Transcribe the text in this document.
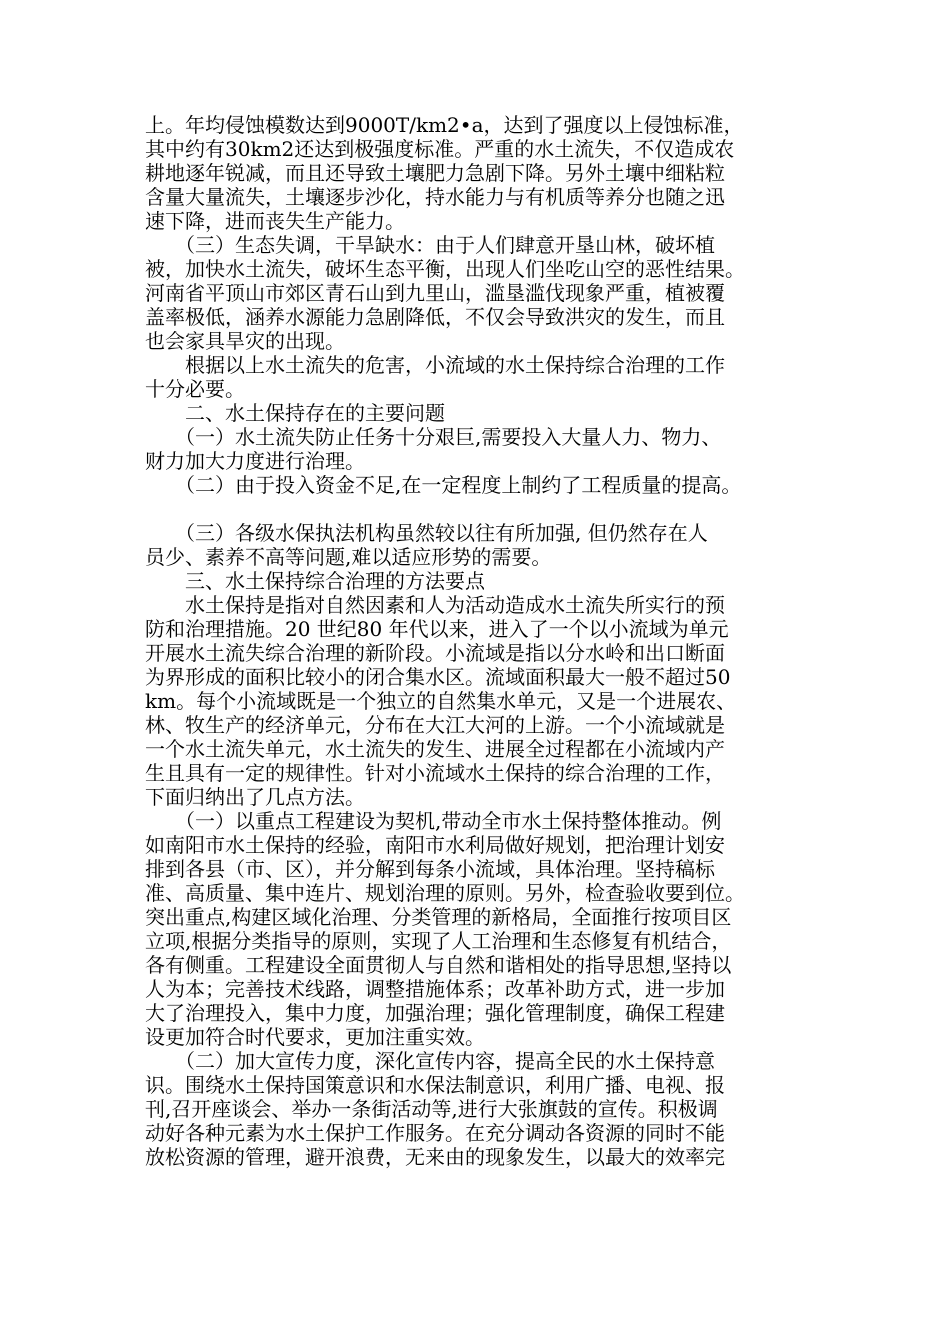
上。年均侵蚀模数达到9000T/km2•a，达到了强度以上侵蚀标准，
其中约有30km2还达到极强度标准。严重的水土流失，不仅造成农
耕地逐年锐减，而且还导致土壤肥力急剧下降。另外土壤中细粘粒
含量大量流失，土壤逐步沙化，持水能力与有机质等养分也随之迅
速下降，进而丧失生产能力。
　　（三）生态失调，干旱缺水：由于人们肆意开垦山林，破坏植
被，加快水土流失，破坏生态平衡，出现人们坐吃山空的恶性结果。
河南省平顶山市郊区青石山到九里山，滥垦滥伐现象严重，植被覆
盖率极低，涵养水源能力急剧降低，不仅会导致洪灾的发生，而且
也会家具旱灾的出现。
　　根据以上水土流失的危害，小流域的水土保持综合治理的工作
十分必要。
　　二、水土保持存在的主要问题
　　（一）水土流失防止任务十分艰巨,需要投入大量人力、物力、
财力加大力度进行治理。
　　（二）由于投入资金不足,在一定程度上制约了工程质量的提高。
　　（三）各级水保执法机构虽然较以往有所加强, 但仍然存在人
员少、素养不高等问题,难以适应形势的需要。
　　三、水土保持综合治理的方法要点
　　水土保持是指对自然因素和人为活动造成水土流失所实行的预
防和治理措施。20 世纪80 年代以来，进入了一个以小流域为单元
开展水土流失综合治理的新阶段。小流域是指以分水岭和出口断面
为界形成的面积比较小的闭合集水区。流域面积最大一般不超过50
km。每个小流域既是一个独立的自然集水单元，又是一个进展农、
林、牧生产的经济单元，分布在大江大河的上游。一个小流域就是
一个水土流失单元，水土流失的发生、进展全过程都在小流域内产
生且具有一定的规律性。针对小流域水土保持的综合治理的工作，
下面归纳出了几点方法。
　　（一）以重点工程建设为契机,带动全市水土保持整体推动。例
如南阳市水土保持的经验，南阳市水利局做好规划，把治理计划安
排到各县（市、区），并分解到每条小流域，具体治理。坚持稿标
准、高质量、集中连片、规划治理的原则。另外，检查验收要到位。
突出重点,构建区域化治理、分类管理的新格局，全面推行按项目区
立项,根据分类指导的原则，实现了人工治理和生态修复有机结合，
各有侧重。工程建设全面贯彻人与自然和谐相处的指导思想,坚持以
人为本；完善技术线路，调整措施体系；改革补助方式，进一步加
大了治理投入，集中力度，加强治理；强化管理制度，确保工程建
设更加符合时代要求，更加注重实效。
　　（二）加大宣传力度，深化宣传内容，提高全民的水土保持意
识。围绕水土保持国策意识和水保法制意识，利用广播、电视、报
刊,召开座谈会、举办一条街活动等,进行大张旗鼓的宣传。积极调
动好各种元素为水土保护工作服务。在充分调动各资源的同时不能
放松资源的管理，避开浪费，无来由的现象发生，以最大的效率完
